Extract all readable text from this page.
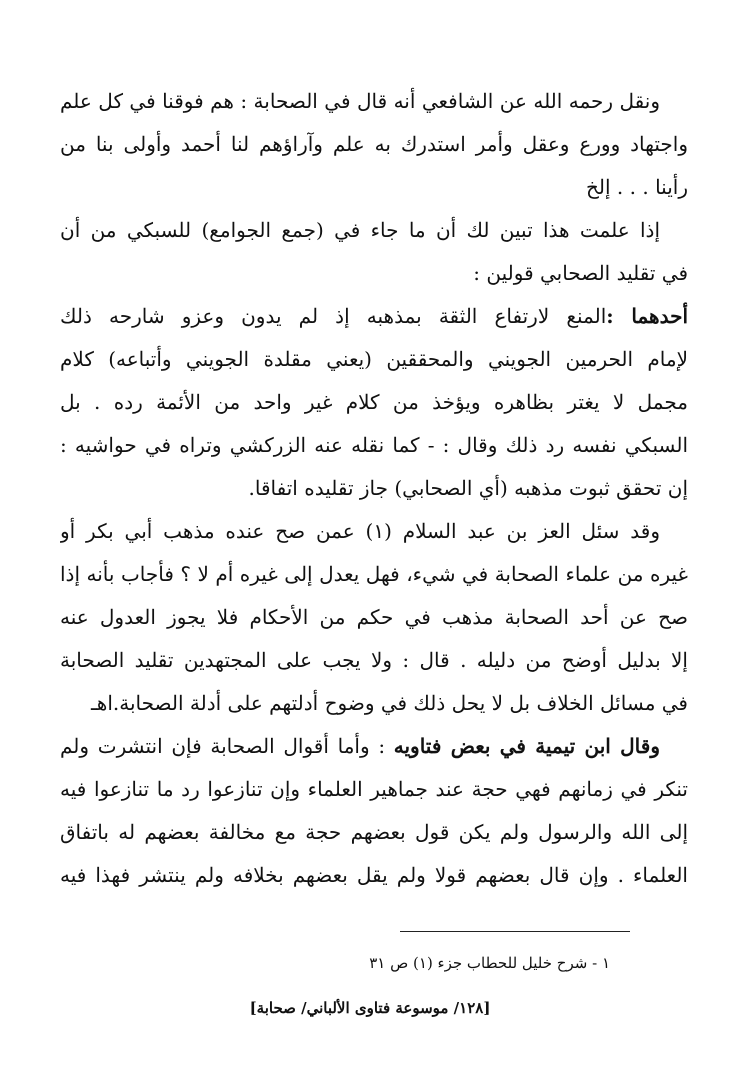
ونقل رحمه الله عن الشافعي أنه قال في الصحابة : هم فوقنا في كل علم
واجتهاد وورع وعقل وأمر استدرك به علم وآراؤهم لنا أحمد وأولى بنا من
رأينا . . . إلخ
إذا علمت هذا تبين لك أن ما جاء في (جمع الجوامع) للسبكي من أن
في تقليد الصحابي قولين :
أحدهما :المنع لارتفاع الثقة بمذهبه إذ لم يدون وعزو شارحه ذلك
لإمام الحرمين الجويني والمحققين (يعني مقلدة الجويني وأتباعه) كلام
مجمل لا يغتر بظاهره ويؤخذ من كلام غير واحد من الأئمة رده . بل
السبكي نفسه رد ذلك وقال : - كما نقله عنه الزركشي وتراه في حواشيه :
إن تحقق ثبوت مذهبه (أي الصحابي) جاز تقليده اتفاقا.
وقد سئل العز بن عبد السلام (١) عمن صح عنده مذهب أبي بكر أو
غيره من علماء الصحابة في شيء، فهل يعدل إلى غيره أم لا ؟ فأجاب بأنه إذا
صح عن أحد الصحابة مذهب في حكم من الأحكام فلا يجوز العدول عنه
إلا بدليل أوضح من دليله . قال : ولا يجب على المجتهدين تقليد الصحابة
في مسائل الخلاف بل لا يحل ذلك في وضوح أدلتهم على أدلة الصحابة.اهـ
وقال ابن تيمية في بعض فتاويه : وأما أقوال الصحابة فإن انتشرت ولم
تنكر في زمانهم فهي حجة عند جماهير العلماء وإن تنازعوا رد ما تنازعوا فيه
إلى الله والرسول ولم يكن قول بعضهم حجة مع مخالفة بعضهم له باتفاق
العلماء . وإن قال بعضهم قولا ولم يقل بعضهم بخلافه ولم ينتشر فهذا فيه
١ - شرح خليل للحطاب جزء (١) ص ٣١
[١٢٨/ موسوعة فتاوى الألباني/ صحابة]
